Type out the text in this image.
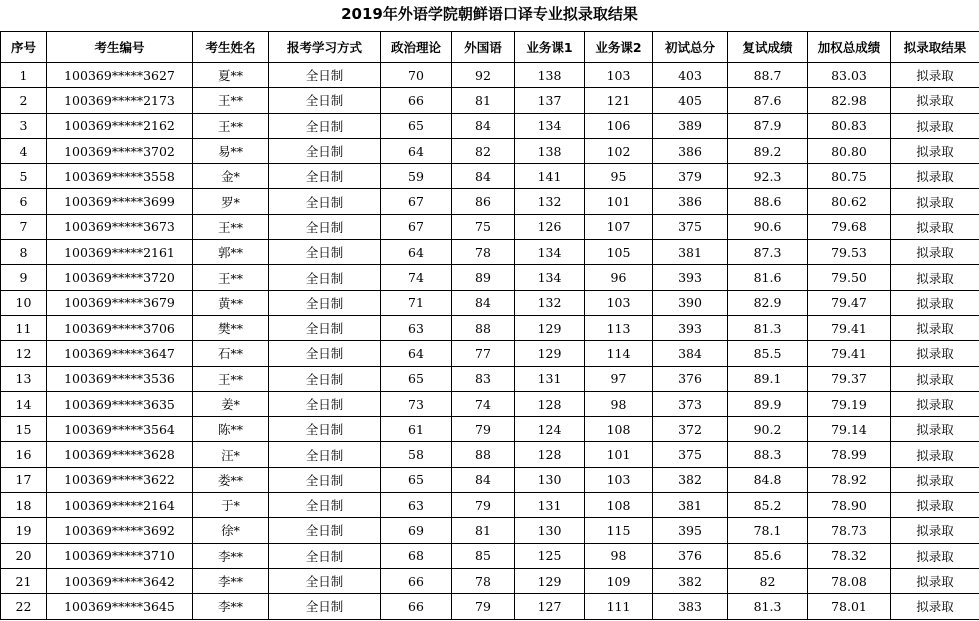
2019年外语学院朝鲜语口译专业拟录取结果
序号	考生编号	考生姓名	报考学习方式	政治理论	外国语	业务课1	业务课2	初试总分	复试成绩	加权总成绩	拟录取结果
1	100369*****3627	夏**	全日制	70	92	138	103	403	88.7	83.03	拟录取
2	100369*****2173	王**	全日制	66	81	137	121	405	87.6	82.98	拟录取
3	100369*****2162	王**	全日制	65	84	134	106	389	87.9	80.83	拟录取
4	100369*****3702	易**	全日制	64	82	138	102	386	89.2	80.80	拟录取
5	100369*****3558	金*	全日制	59	84	141	95	379	92.3	80.75	拟录取
6	100369*****3699	罗*	全日制	67	86	132	101	386	88.6	80.62	拟录取
7	100369*****3673	王**	全日制	67	75	126	107	375	90.6	79.68	拟录取
8	100369*****2161	郭**	全日制	64	78	134	105	381	87.3	79.53	拟录取
9	100369*****3720	王**	全日制	74	89	134	96	393	81.6	79.50	拟录取
10	100369*****3679	黄**	全日制	71	84	132	103	390	82.9	79.47	拟录取
11	100369*****3706	樊**	全日制	63	88	129	113	393	81.3	79.41	拟录取
12	100369*****3647	石**	全日制	64	77	129	114	384	85.5	79.41	拟录取
13	100369*****3536	王**	全日制	65	83	131	97	376	89.1	79.37	拟录取
14	100369*****3635	姜*	全日制	73	74	128	98	373	89.9	79.19	拟录取
15	100369*****3564	陈**	全日制	61	79	124	108	372	90.2	79.14	拟录取
16	100369*****3628	汪*	全日制	58	88	128	101	375	88.3	78.99	拟录取
17	100369*****3622	娄**	全日制	65	84	130	103	382	84.8	78.92	拟录取
18	100369*****2164	于*	全日制	63	79	131	108	381	85.2	78.90	拟录取
19	100369*****3692	徐*	全日制	69	81	130	115	395	78.1	78.73	拟录取
20	100369*****3710	李**	全日制	68	85	125	98	376	85.6	78.32	拟录取
21	100369*****3642	李**	全日制	66	78	129	109	382	82	78.08	拟录取
22	100369*****3645	李**	全日制	66	79	127	111	383	81.3	78.01	拟录取
